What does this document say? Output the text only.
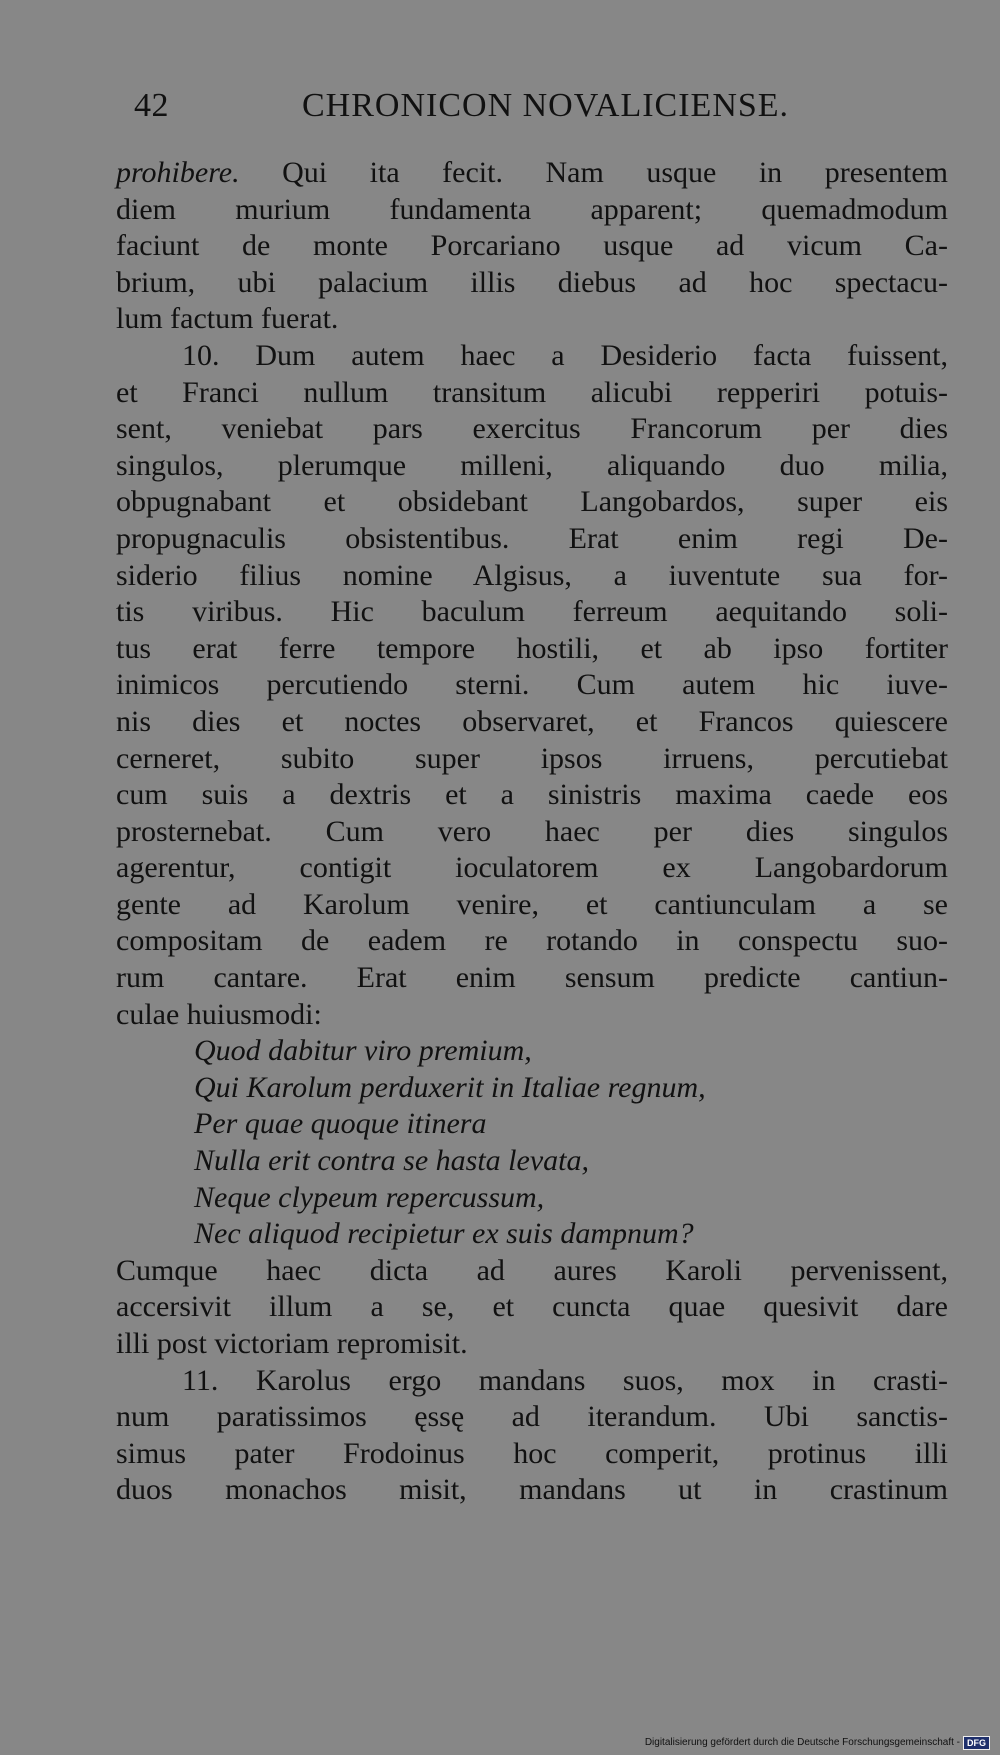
42	CHRONICON NOVALICIENSE.
prohibere. Qui ita fecit. Nam usque in presentem
diem murium fundamenta apparent; quemadmodum
faciunt de monte Porcariano usque ad vicum Ca-
brium, ubi palacium illis diebus ad hoc spectacu-
lum factum fuerat.
10. Dum autem haec a Desiderio facta fuissent,
et Franci nullum transitum alicubi repperiri potuis-
sent, veniebat pars exercitus Francorum per dies
singulos, plerumque milleni, aliquando duo milia,
obpugnabant et obsidebant Langobardos, super eis
propugnaculis obsistentibus. Erat enim regi De-
siderio filius nomine Algisus, a iuventute sua for-
tis viribus. Hic baculum ferreum aequitando soli-
tus erat ferre tempore hostili, et ab ipso fortiter
inimicos percutiendo sterni. Cum autem hic iuve-
nis dies et noctes observaret, et Francos quiescere
cerneret, subito super ipsos irruens, percutiebat
cum suis a dextris et a sinistris maxima caede eos
prosternebat. Cum vero haec per dies singulos
agerentur, contigit ioculatorem ex Langobardorum
gente ad Karolum venire, et cantiunculam a se
compositam de eadem re rotando in conspectu suo-
rum cantare. Erat enim sensum predicte cantiun-
culae huiusmodi:
Quod dabitur viro premium,
Qui Karolum perduxerit in Italiae regnum,
Per quae quoque itinera
Nulla erit contra se hasta levata,
Neque clypeum repercussum,
Nec aliquod recipietur ex suis dampnum?
Cumque haec dicta ad aures Karoli pervenissent,
accersivit illum a se, et cuncta quae quesivit dare
illi post victoriam repromisit.
11. Karolus ergo mandans suos, mox in crasti-
num paratissimos ęssę ad iterandum. Ubi sanctis-
simus pater Frodoinus hoc comperit, protinus illi
duos monachos misit, mandans ut in crastinum
Digitalisierung gefördert durch die Deutsche Forschungsgemeinschaft - DFG
